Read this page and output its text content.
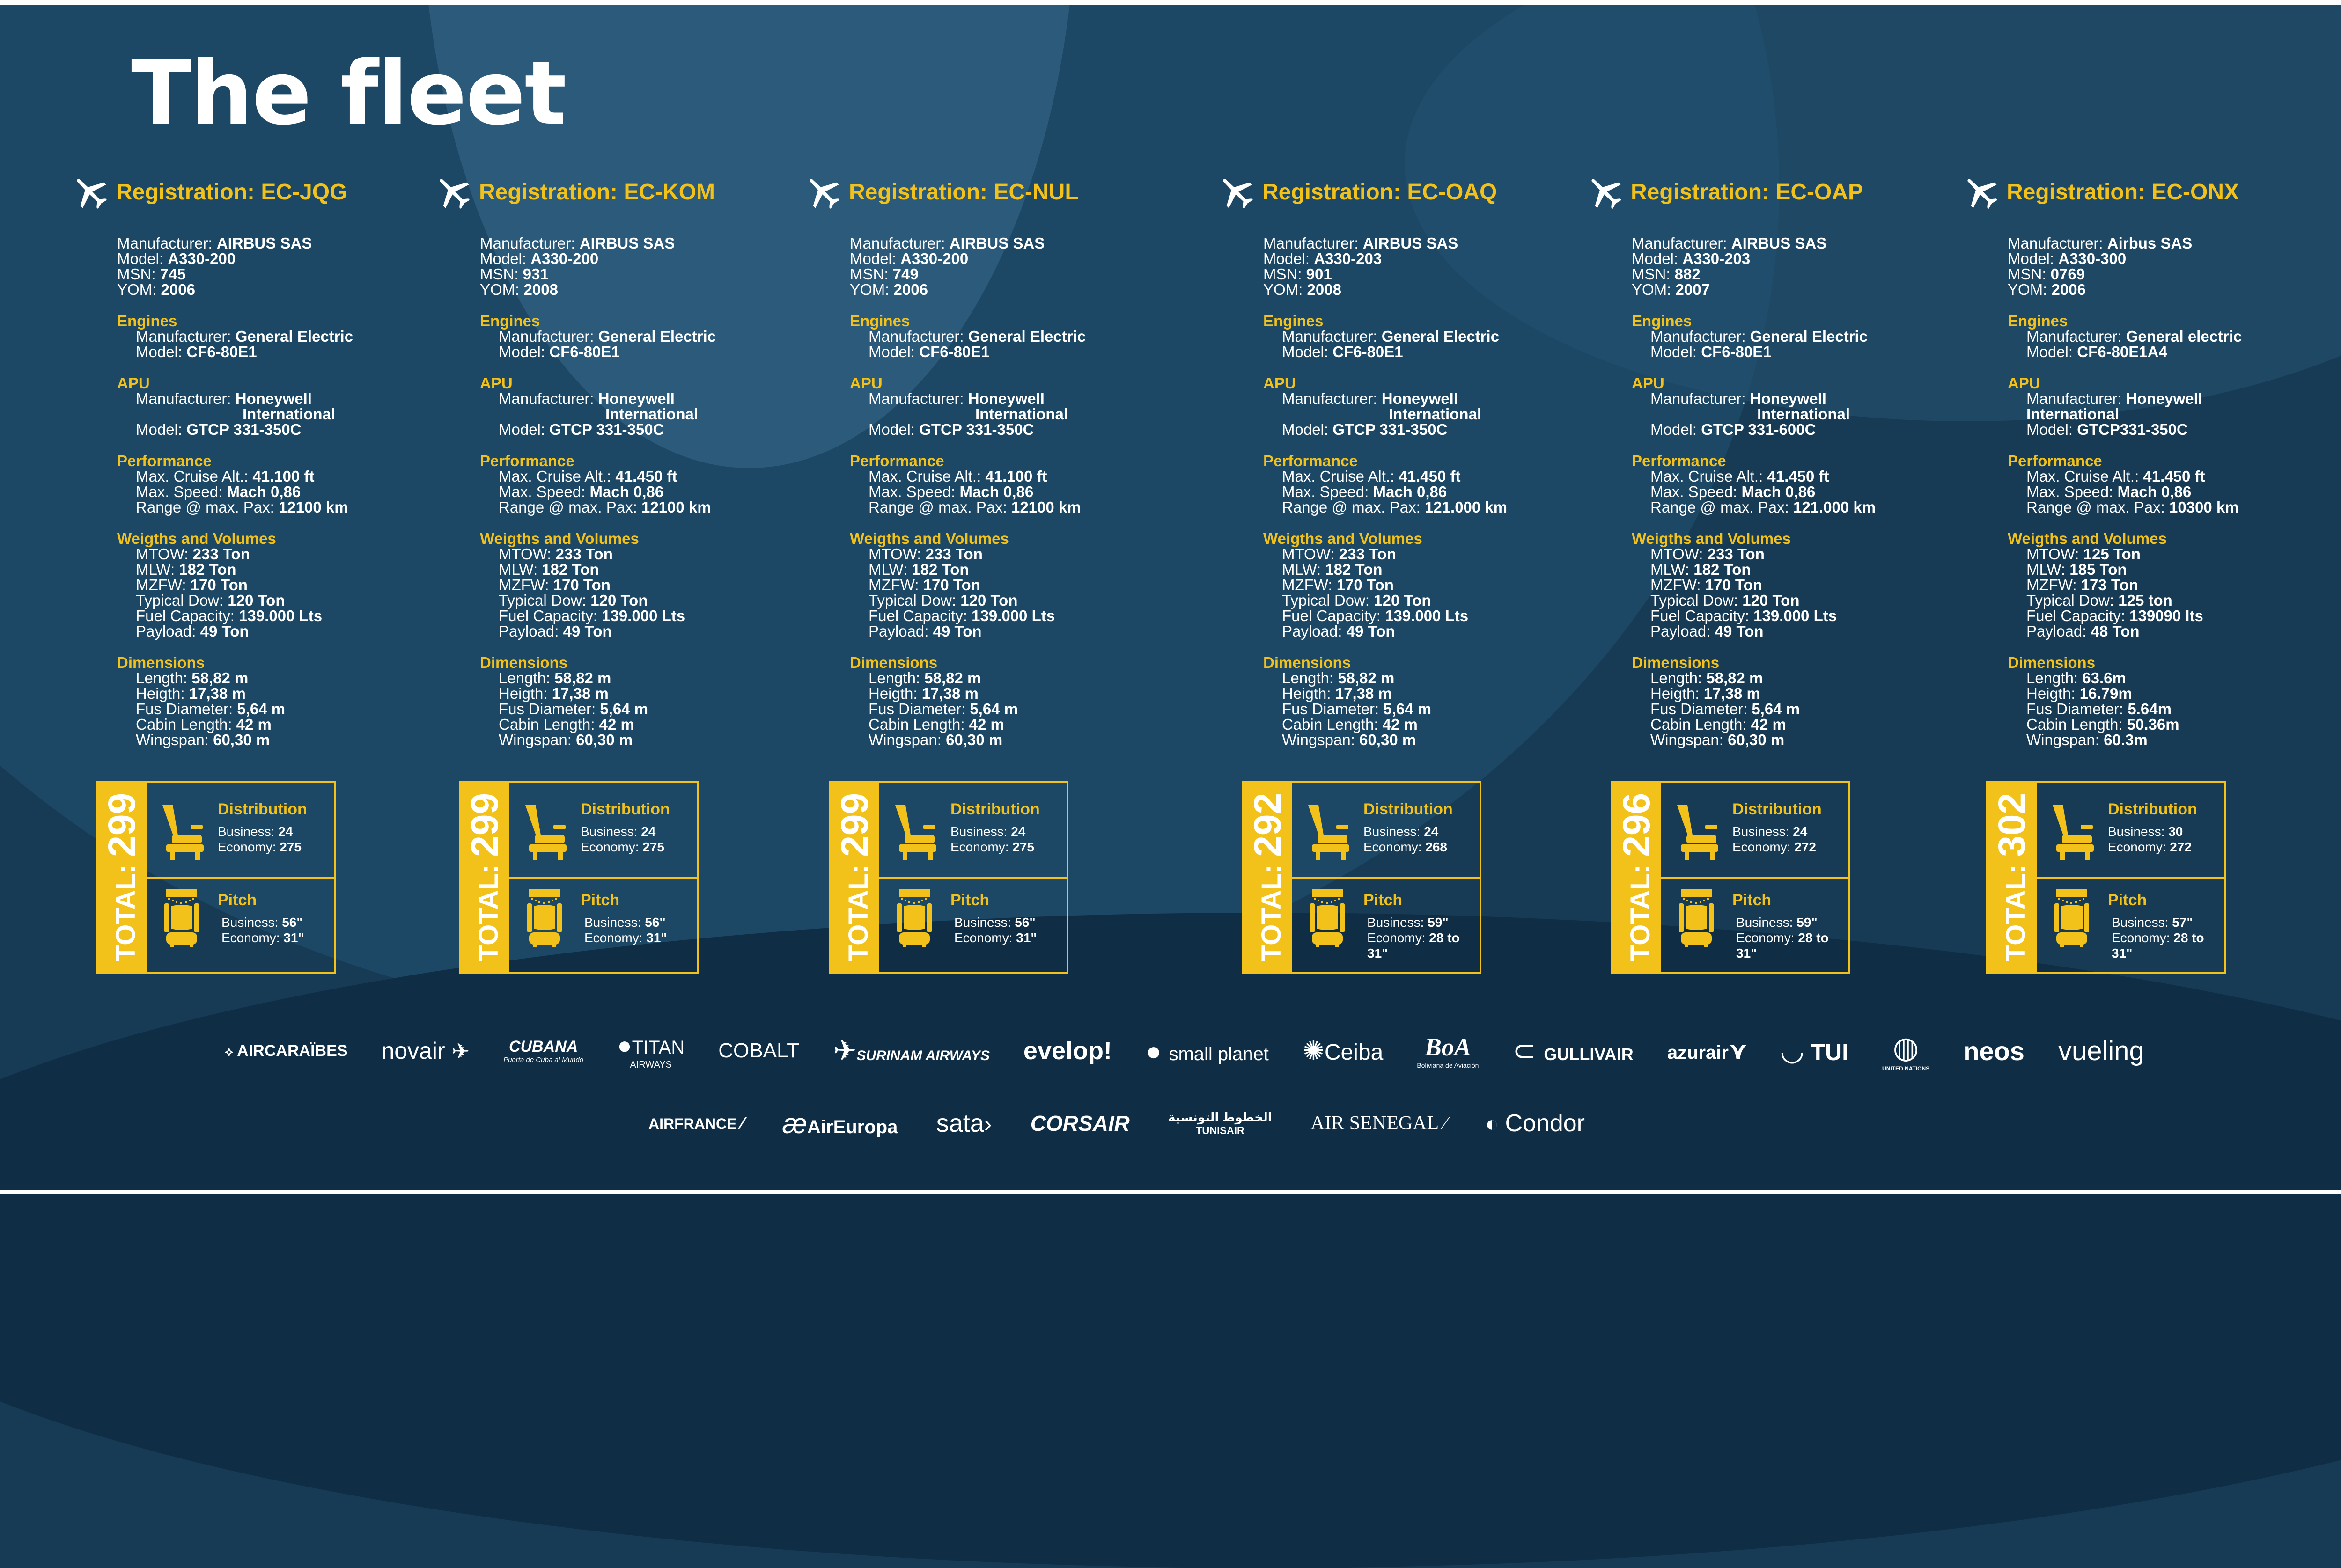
The fleet
Registration: EC-JQG
Manufacturer: AIRBUS SAS
Model: A330-200
MSN: 745
YOM: 2006
Engines
Manufacturer: General Electric
Model: CF6-80E1
APU
Manufacturer: Honeywell
International
Model: GTCP 331-350C
Performance
Max. Cruise Alt.: 41.100 ft
Max. Speed: Mach 0,86
Range @ max. Pax: 12100 km
Weigths and Volumes
MTOW: 233 Ton
MLW: 182 Ton
MZFW: 170 Ton
Typical Dow: 120 Ton
Fuel Capacity: 139.000 Lts
Payload: 49 Ton
Dimensions
Length: 58,82 m
Heigth: 17,38 m
Fus Diameter: 5,64 m
Cabin Length: 42 m
Wingspan: 60,30 m
TOTAL: 299	Distribution
Business: 24
Economy: 275
Pitch
Business: 56"
Economy: 31"
Registration: EC-KOM
Manufacturer: AIRBUS SAS
Model: A330-200
MSN: 931
YOM: 2008
Engines
Manufacturer: General Electric
Model: CF6-80E1
APU
Manufacturer: Honeywell
International
Model: GTCP 331-350C
Performance
Max. Cruise Alt.: 41.450 ft
Max. Speed: Mach 0,86
Range @ max. Pax: 12100 km
Weigths and Volumes
MTOW: 233 Ton
MLW: 182 Ton
MZFW: 170 Ton
Typical Dow: 120 Ton
Fuel Capacity: 139.000 Lts
Payload: 49 Ton
Dimensions
Length: 58,82 m
Heigth: 17,38 m
Fus Diameter: 5,64 m
Cabin Length: 42 m
Wingspan: 60,30 m
TOTAL: 299	Distribution
Business: 24
Economy: 275
Pitch
Business: 56"
Economy: 31"
Registration: EC-NUL
Manufacturer: AIRBUS SAS
Model: A330-200
MSN: 749
YOM: 2006
Engines
Manufacturer: General Electric
Model: CF6-80E1
APU
Manufacturer: Honeywell
International
Model: GTCP 331-350C
Performance
Max. Cruise Alt.: 41.100 ft
Max. Speed: Mach 0,86
Range @ max. Pax: 12100 km
Weigths and Volumes
MTOW: 233 Ton
MLW: 182 Ton
MZFW: 170 Ton
Typical Dow: 120 Ton
Fuel Capacity: 139.000 Lts
Payload: 49 Ton
Dimensions
Length: 58,82 m
Heigth: 17,38 m
Fus Diameter: 5,64 m
Cabin Length: 42 m
Wingspan: 60,30 m
TOTAL: 299	Distribution
Business: 24
Economy: 275
Pitch
Business: 56"
Economy: 31"
Registration: EC-OAQ
Manufacturer: AIRBUS SAS
Model: A330-203
MSN: 901
YOM: 2008
Engines
Manufacturer: General Electric
Model: CF6-80E1
APU
Manufacturer: Honeywell
International
Model: GTCP 331-350C
Performance
Max. Cruise Alt.: 41.450 ft
Max. Speed: Mach 0,86
Range @ max. Pax: 121.000 km
Weigths and Volumes
MTOW: 233 Ton
MLW: 182 Ton
MZFW: 170 Ton
Typical Dow: 120 Ton
Fuel Capacity: 139.000 Lts
Payload: 49 Ton
Dimensions
Length: 58,82 m
Heigth: 17,38 m
Fus Diameter: 5,64 m
Cabin Length: 42 m
Wingspan: 60,30 m
TOTAL: 292	Distribution
Business: 24
Economy: 268
Pitch
Business: 59"
Economy: 28 to
31"
Registration: EC-OAP
Manufacturer: AIRBUS SAS
Model: A330-203
MSN: 882
YOM: 2007
Engines
Manufacturer: General Electric
Model: CF6-80E1
APU
Manufacturer: Honeywell
International
Model: GTCP 331-600C
Performance
Max. Cruise Alt.: 41.450 ft
Max. Speed: Mach 0,86
Range @ max. Pax: 121.000 km
Weigths and Volumes
MTOW: 233 Ton
MLW: 182 Ton
MZFW: 170 Ton
Typical Dow: 120 Ton
Fuel Capacity: 139.000 Lts
Payload: 49 Ton
Dimensions
Length: 58,82 m
Heigth: 17,38 m
Fus Diameter: 5,64 m
Cabin Length: 42 m
Wingspan: 60,30 m
TOTAL: 296	Distribution
Business: 24
Economy: 272
Pitch
Business: 59"
Economy: 28 to
31"
Registration: EC-ONX
Manufacturer: Airbus SAS
Model: A330-300
MSN: 0769
YOM: 2006
Engines
Manufacturer: General electric
Model: CF6-80E1A4
APU
Manufacturer: Honeywell
International
Model: GTCP331-350C
Performance
Max. Cruise Alt.: 41.450 ft
Max. Speed: Mach 0,86
Range @ max. Pax: 10300 km
Weigths and Volumes
MTOW: 125 Ton
MLW: 185 Ton
MZFW: 173 Ton
Typical Dow: 125 ton
Fuel Capacity: 139090 lts
Payload: 48 Ton
Dimensions
Length: 63.6m
Heigth: 16.79m
Fus Diameter: 5.64m
Cabin Length: 50.36m
Wingspan: 60.3m
TOTAL: 302	Distribution
Business: 30
Economy: 272
Pitch
Business: 57"
Economy: 28 to
31"
⟡ AIRCARAÏBES novair ✈	CUBANA
Puerta de Cuba al Mundo
●TITAN
AIRWAYS
COBALT ✈SURINAM AIRWAYS evelop! ● small planet ✺Ceiba	BoA
Boliviana de Aviación ⊂ GULLIVAIR azurair⋎ ◡ TUI	◍
UNITED NATIONS
neos vueling
AIRFRANCE ⁄ æAirEuropa sata› CORSAIR	الخطوط التونسية
TUNISAIR	AIR SENEGAL ⁄ ◐ Condor
